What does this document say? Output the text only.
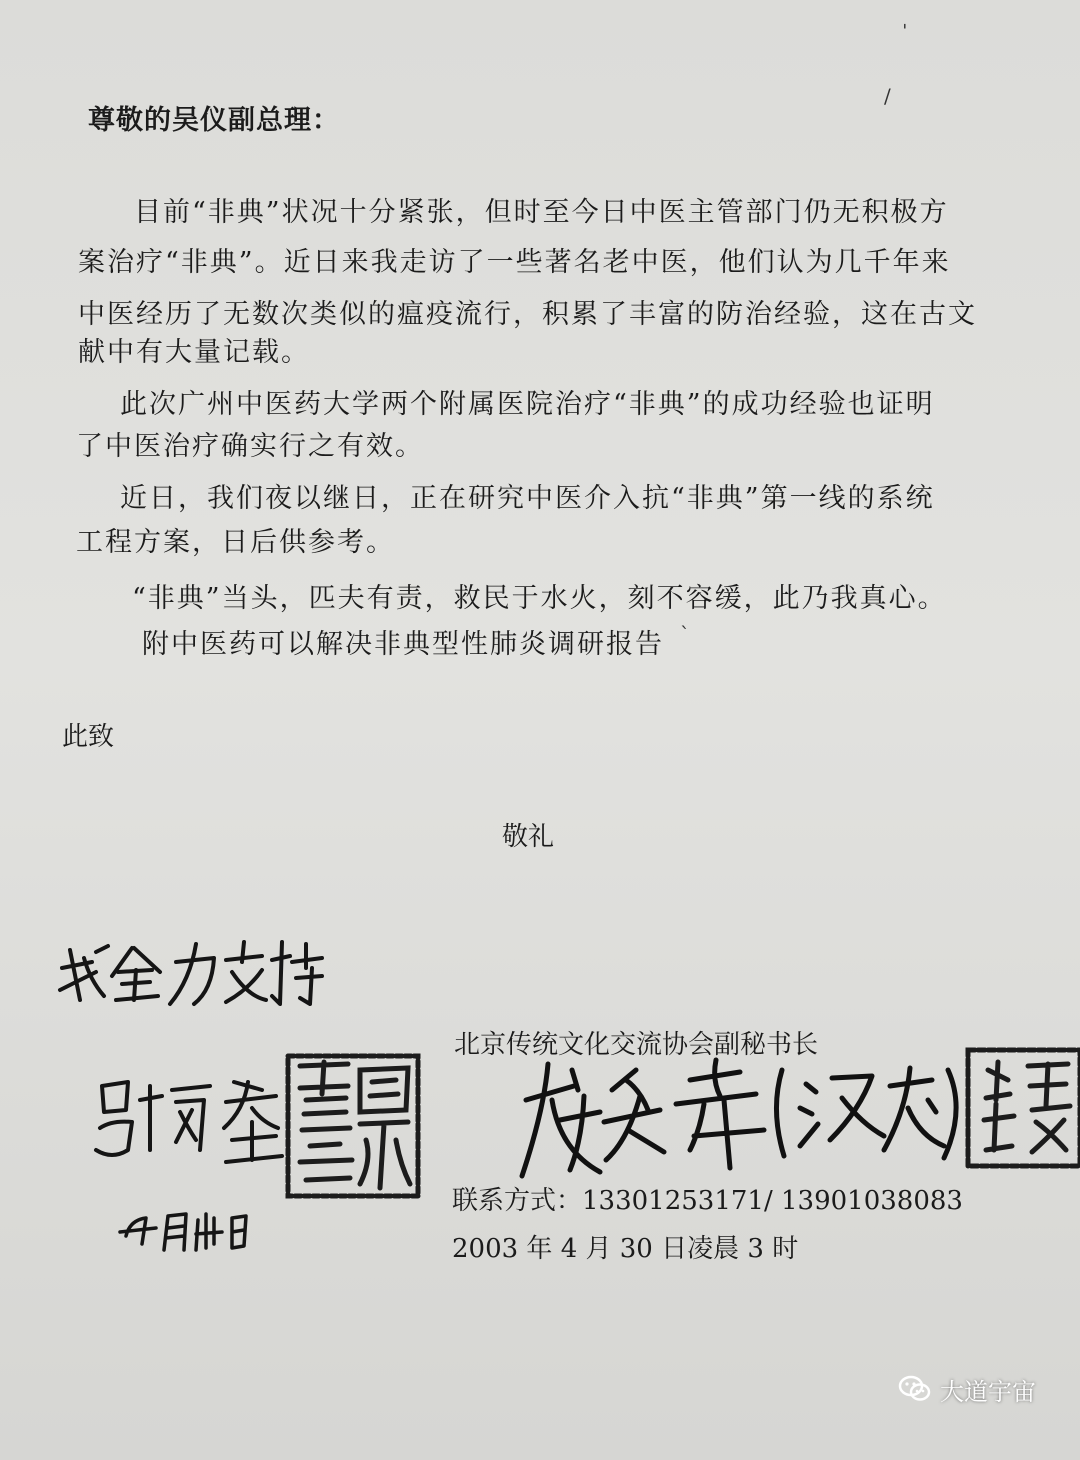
尊敬的吴仪副总理：
目前“非典”状况十分紧张，但时至今日中医主管部门仍无积极方
案治疗“非典”。近日来我走访了一些著名老中医，他们认为几千年来
中医经历了无数次类似的瘟疫流行，积累了丰富的防治经验，这在古文
献中有大量记载。
此次广州中医药大学两个附属医院治疗“非典”的成功经验也证明
了中医治疗确实行之有效。
近日，我们夜以继日，正在研究中医介入抗“非典”第一线的系统
工程方案，日后供参考。
“非典”当头，匹夫有责，救民于水火，刻不容缓，此乃我真心。
附中医药可以解决非典型性肺炎调研报告
此致
敬礼
北京传统文化交流协会副秘书长
联系方式：13301253171/ 13901038083
2003 年 4 月 30 日凌晨 3 时
ˈ
/
ˋ
大道宇宙
